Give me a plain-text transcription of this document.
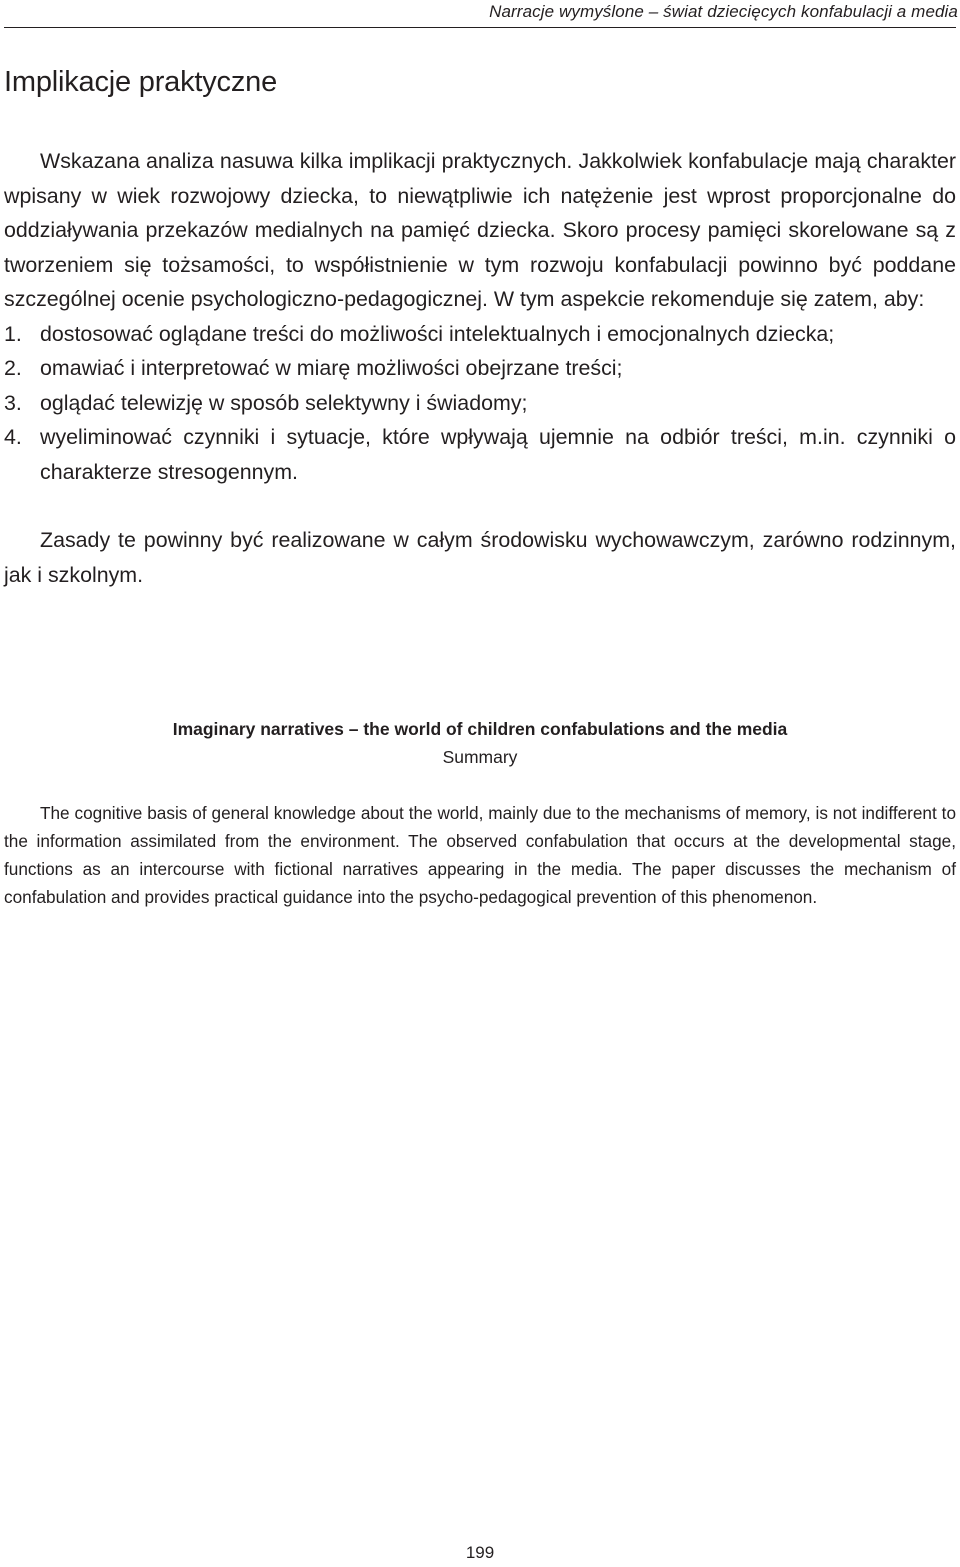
Narracje wymyślone – świat dziecięcych konfabulacji a media
Implikacje praktyczne

Wskazana analiza nasuwa kilka implikacji praktycznych. Jakkolwiek konfabulacje mają charakter wpisany w wiek rozwojowy dziecka, to niewątpliwie ich natężenie jest wprost proporcjonalne do oddziaływania przekazów medialnych na pamięć dziecka. Skoro procesy pamięci skorelowane są z tworzeniem się tożsamości, to współistnienie w tym rozwoju konfabulacji powinno być poddane szczególnej ocenie psychologiczno-pedagogicznej. W tym aspekcie rekomenduje się zatem, aby:

1. dostosować oglądane treści do możliwości intelektualnych i emocjonalnych dziecka;
2. omawiać i interpretować w miarę możliwości obejrzane treści;
3. oglądać telewizję w sposób selektywny i świadomy;
4. wyeliminować czynniki i sytuacje, które wpływają ujemnie na odbiór treści, m.in. czynniki o charakterze stresogennym.

Zasady te powinny być realizowane w całym środowisku wychowawczym, zarówno rodzinnym, jak i szkolnym.

Imaginary narratives – the world of children confabulations and the media
Summary

The cognitive basis of general knowledge about the world, mainly due to the mechanisms of memory, is not indifferent to the information assimilated from the environment. The observed confabulation that occurs at the developmental stage, functions as an intercourse with fictional narratives appearing in the media. The paper discusses the mechanism of confabulation and provides practical guidance into the psycho-pedagogical prevention of this phenomenon.

199
